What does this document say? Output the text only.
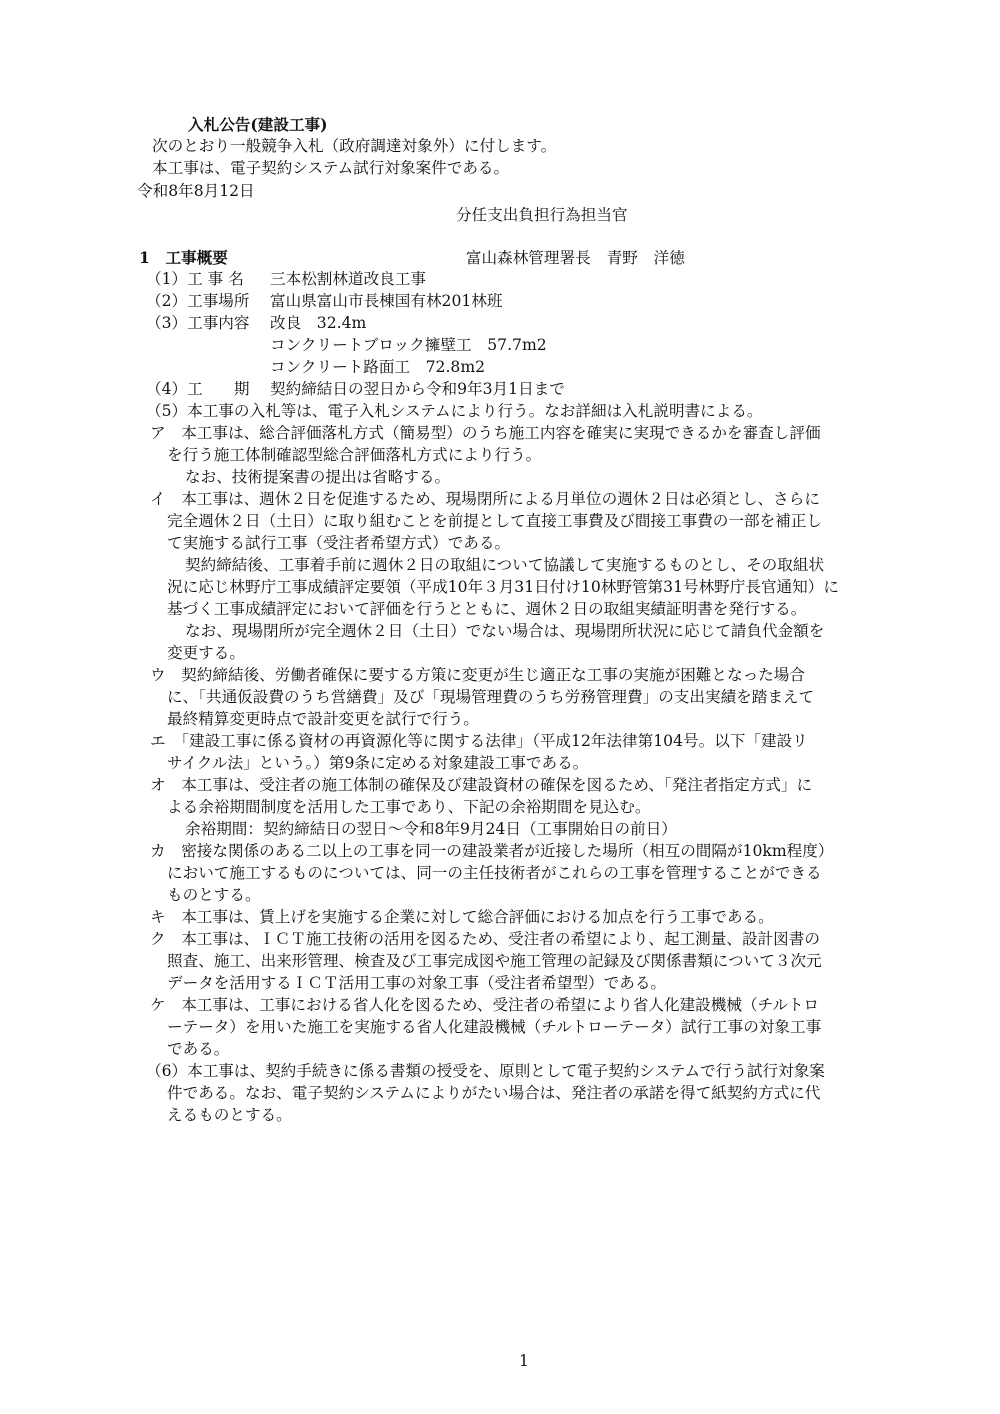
入札公告(建設工事)
次のとおり一般競争入札（政府調達対象外）に付します。
本工事は、電子契約システム試行対象案件である。
令和8年8月12日
分任支出負担行為担当官

富山森林管理署長 青野　洋徳

1　工事概要
（1）工 事 名 三本松割林道改良工事
（2）工事場所 富山県富山市長棟国有林201林班
（3）工事内容 改良　32.4m
コンクリートブロック擁壁工　57.7m2
コンクリート路面工　72.8m2
（4）工　　期 契約締結日の翌日から令和9年3月1日まで
（5）本工事の入札等は、電子入札システムにより行う。なお詳細は入札説明書による。
ア　本工事は、総合評価落札方式（簡易型）のうち施工内容を確実に実現できるかを審査し評価
を行う施工体制確認型総合評価落札方式により行う。
なお、技術提案書の提出は省略する。
イ　本工事は、週休２日を促進するため、現場閉所による月単位の週休２日は必須とし、さらに
完全週休２日（土日）に取り組むことを前提として直接工事費及び間接工事費の一部を補正し
て実施する試行工事（受注者希望方式）である。
契約締結後、工事着手前に週休２日の取組について協議して実施するものとし、その取組状
況に応じ林野庁工事成績評定要領（平成10年３月31日付け10林野管第31号林野庁長官通知）に
基づく工事成績評定において評価を行うとともに、週休２日の取組実績証明書を発行する。
なお、現場閉所が完全週休２日（土日）でない場合は、現場閉所状況に応じて請負代金額を
変更する。
ウ　契約締結後、労働者確保に要する方策に変更が生じ適正な工事の実施が困難となった場合
に、「共通仮設費のうち営繕費」及び「現場管理費のうち労務管理費」の支出実績を踏まえて
最終精算変更時点で設計変更を試行で行う。
エ　「建設工事に係る資材の再資源化等に関する法律」（平成12年法律第104号。以下「建設リ
サイクル法」という。）第9条に定める対象建設工事である。
オ　本工事は、受注者の施工体制の確保及び建設資材の確保を図るため、「発注者指定方式」に
よる余裕期間制度を活用した工事であり、下記の余裕期間を見込む。
余裕期間：契約締結日の翌日～令和8年9月24日（工事開始日の前日）
カ　密接な関係のある二以上の工事を同一の建設業者が近接した場所（相互の間隔が10km程度）
において施工するものについては、同一の主任技術者がこれらの工事を管理することができる
ものとする。
キ　本工事は、賃上げを実施する企業に対して総合評価における加点を行う工事である。
ク　本工事は、ＩＣＴ施工技術の活用を図るため、受注者の希望により、起工測量、設計図書の
照査、施工、出来形管理、検査及び工事完成図や施工管理の記録及び関係書類について３次元
データを活用するＩＣＴ活用工事の対象工事（受注者希望型）である。
ケ　本工事は、工事における省人化を図るため、受注者の希望により省人化建設機械（チルトロ
ーテータ）を用いた施工を実施する省人化建設機械（チルトローテータ）試行工事の対象工事
である。
（6）本工事は、契約手続きに係る書類の授受を、原則として電子契約システムで行う試行対象案
件である。なお、電子契約システムによりがたい場合は、発注者の承諾を得て紙契約方式に代
えるものとする。
1
